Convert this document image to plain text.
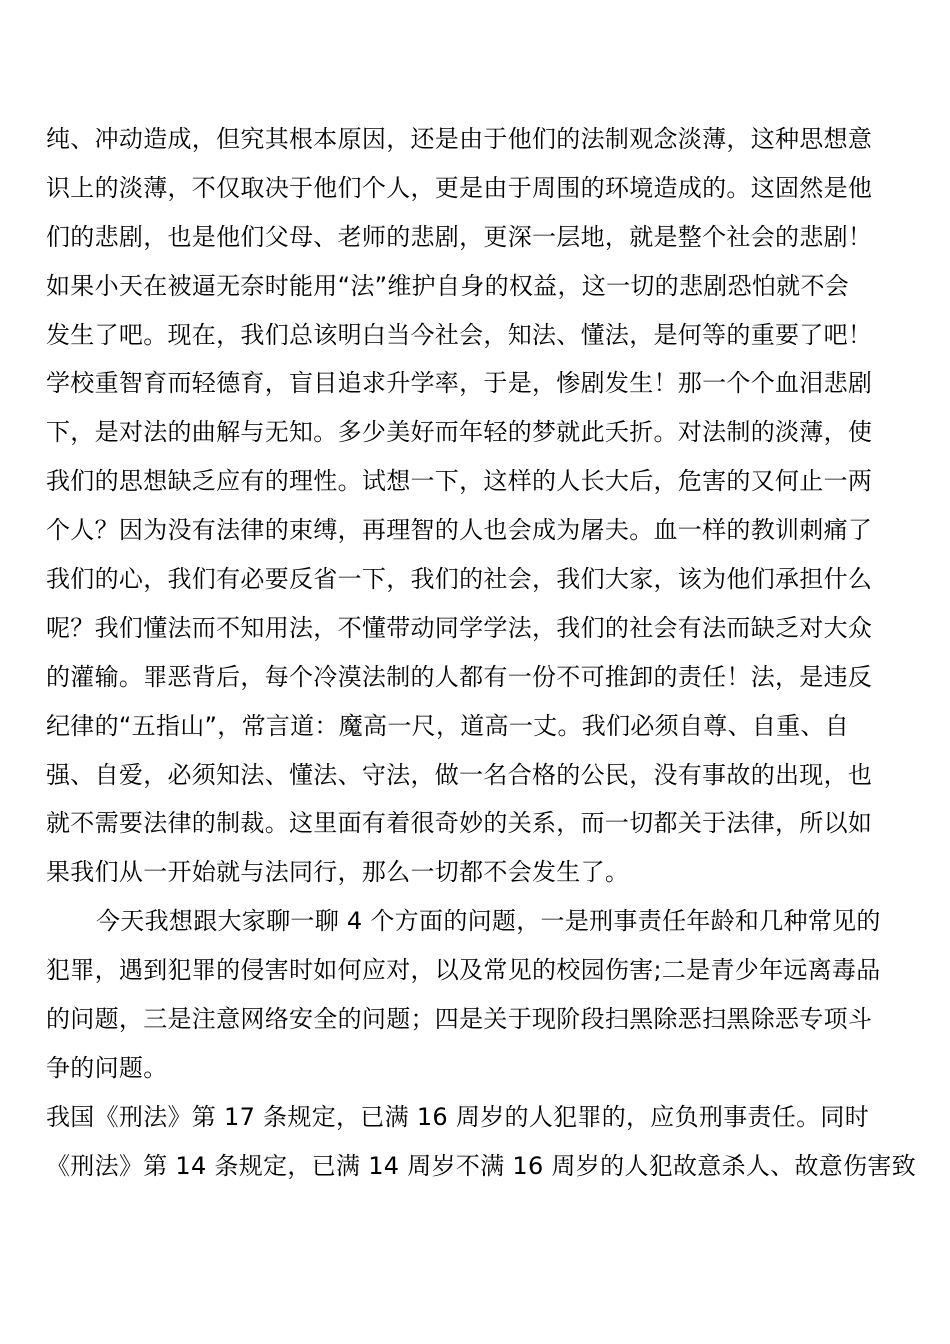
纯、冲动造成，但究其根本原因，还是由于他们的法制观念淡薄，这种思想意
识上的淡薄，不仅取决于他们个人，更是由于周围的环境造成的。这固然是他
们的悲剧，也是他们父母、老师的悲剧，更深一层地，就是整个社会的悲剧！
如果小天在被逼无奈时能用“法”维护自身的权益，这一切的悲剧恐怕就不会
发生了吧。现在，我们总该明白当今社会，知法、懂法，是何等的重要了吧！
学校重智育而轻德育，盲目追求升学率，于是，惨剧发生！那一个个血泪悲剧
下，是对法的曲解与无知。多少美好而年轻的梦就此夭折。对法制的淡薄，使
我们的思想缺乏应有的理性。试想一下，这样的人长大后，危害的又何止一两
个人？因为没有法律的束缚，再理智的人也会成为屠夫。血一样的教训刺痛了
我们的心，我们有必要反省一下，我们的社会，我们大家，该为他们承担什么
呢？我们懂法而不知用法，不懂带动同学学法，我们的社会有法而缺乏对大众
的灌输。罪恶背后，每个冷漠法制的人都有一份不可推卸的责任！法，是违反
纪律的“五指山”，常言道：魔高一尺，道高一丈。我们必须自尊、自重、自
强、自爱，必须知法、懂法、守法，做一名合格的公民，没有事故的出现，也
就不需要法律的制裁。这里面有着很奇妙的关系，而一切都关于法律，所以如
果我们从一开始就与法同行，那么一切都不会发生了。
今天我想跟大家聊一聊 4 个方面的问题，一是刑事责任年龄和几种常见的
犯罪，遇到犯罪的侵害时如何应对，以及常见的校园伤害;二是青少年远离毒品
的问题，三是注意网络安全的问题；四是关于现阶段扫黑除恶扫黑除恶专项斗
争的问题。
我国《刑法》第 17 条规定，已满 16 周岁的人犯罪的，应负刑事责任。同时
《刑法》第 14 条规定，已满 14 周岁不满 16 周岁的人犯故意杀人、故意伤害致
